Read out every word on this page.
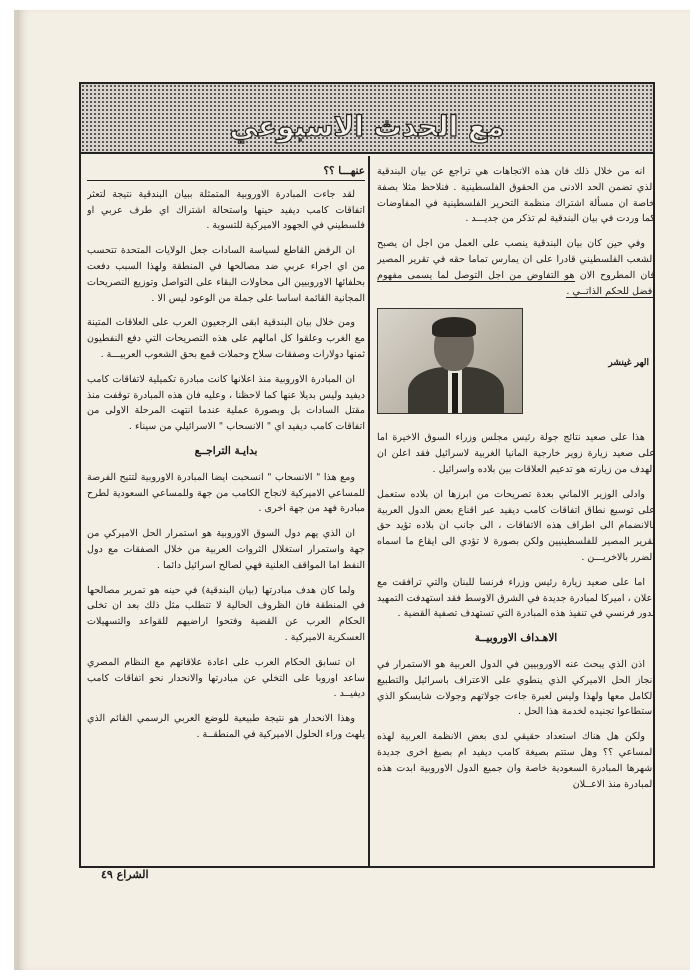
مع الحدث الاسبوعي

انه من خلال ذلك فان هذه الاتجاهات هي تراجع عن بيان البندقية الذي تضمن الحد الادنى من الحقوق الفلسطينية . فنلاحظ مثلا بصفة خاصة ان مسألة اشتراك منظمة التحرير الفلسطينية في المفاوضات كما وردت في بيان البندقية لم تذكر من جديـــد .

وفي حين كان بيان البندقية ينصب على العمل من اجل ان يصبح الشعب الفلسطيني قادرا على ان يمارس تماما حقه في تقرير المصير فان المطروح الان هو التفاوض من اجل التوصل لما يسمى مفهوم افضل للحكم الذاتــي .

الهر غينشر

هذا على صعيد نتائج جولة رئيس مجلس وزراء السوق الاخيرة اما على صعيد زيارة زوير خارجية المانيا الغربية لاسرائيل فقد اعلن ان الهدف من زيارته هو تدعيم العلاقات بين بلاده واسرائيل .

وادلى الوزير الالماني بعدة تصريحات من ابرزها ان بلاده ستعمل على توسيع نطاق اتفاقات كامب ديفيد عبر اقناع بعض الدول العربية بالانضمام الى اطراف هذه الاتفاقات ، الى جانب ان بلاده تؤيد حق تقرير المصير للفلسطينيين ولكن بصورة لا تؤدي الى ايقاع ما اسماه الضرر بالاخريـــن .

اما على صعيد زيارة رئيس وزراء فرنسا للبنان والتي ترافقت مع اعلان ، اميركا لمبادرة جديدة في الشرق الاوسط فقد استهدفت التمهيد لدور فرنسي في تنفيذ هذه المبادرة التي تستهدف تصفية القضية .

الاهـداف الاوروبيــة

اذن الذي يبحث عنه الاوروبيين في الدول العربية هو الاستمرار في انجاز الحل الاميركي الذي ينطوي على الاعتراف باسرائيل والتطبيع الكامل معها ولهذا وليس لعبرة جاءت جولاتهم وجولات شايسكو الذي استطاعوا تجنيده لخدمة هذا الحل .

ولكن هل هناك استعداد حقيقي لدى بعض الانظمة العربية لهذه المساعي ؟؟ وهل ستتم بصيغة كامب ديفيد ام بصيغ اخرى جديدة اشهرها المبادرة السعودية خاصة وان جميع الدول الاوروبية ابدت هذه المبادرة منذ الاعــلان

عنهـــا ؟؟

لقد جاءت المبادرة الاوروبية المتمثلة ببيان البندقية نتيجة لتعثر اتفاقات كامب ديفيد حينها واستحالة اشتراك اي طرف عربي او فلسطيني في الجهود الاميركية للتسوية .

ان الرفض القاطع لسياسة السادات جعل الولايات المتحدة تتحسب من اي اجراء عربي ضد مصالحها في المنطقة ولهذا السبب دفعت بحلفائها الاوروبيين الى محاولات البقاء على التواصل وتوزيع التصريحات المجانية القائمة اساسا على جملة من الوعود ليس الا .

ومن خلال بيان البندقية ابقى الرجعيون العرب على العلاقات المتينة مع الغرب وعلقوا كل امالهم على هذه التصريحات التي دفع النفطيون ثمنها دولارات وصفقات سلاح وحملات قمع بحق الشعوب العربيـــة .

ان المبادرة الاوروبية منذ اعلانها كانت مبادرة تكميلية لاتفاقات كامب ديفيد وليس بديلا عنها كما لاحظنا ، وعليه فان هذه المبادرة توقفت منذ مقتل السادات بل وبصورة عملية عندما انتهت المرحلة الاولى من اتفاقات كامب ديفيد اي " الانسحاب " الاسرائيلي من سيناء .

بدايـة التراجــع

ومع هذا " الانسحاب " انسحبت ايضا المبادرة الاوروبية لتتيح الفرصة للمساعي الاميركية لانجاح الكامب من جهة وللمساعي السعودية لطرح مبادرة فهد من جهة اخرى .

ان الذي يهم دول السوق الاوروبية هو استمرار الحل الاميركي من جهة واستمرار استغلال الثروات العربية من خلال الصفقات مع دول النفط اما المواقف العلنية فهي لصالح اسرائيل دائما .

ولما كان هدف مبادرتها (بيان البندقية) في حينه هو تمرير مصالحها في المنطقة فان الظروف الحالية لا تتطلب مثل ذلك بعد ان تخلى الحكام العرب عن القضية وفتحوا اراضيهم للقواعد والتسهيلات العسكرية الاميركية .

ان تسابق الحكام العرب على اعادة علاقاتهم مع النظام المصري ساعد اوروبا على التخلي عن مبادرتها والانحدار نحو اتفاقات كامب ديفيــد .

وهذا الانحدار هو نتيجة طبيعية للوضع العربي الرسمي القائم الذي يلهث وراء الحلول الاميركية في المنطقــة .

الشراع ٤٩
